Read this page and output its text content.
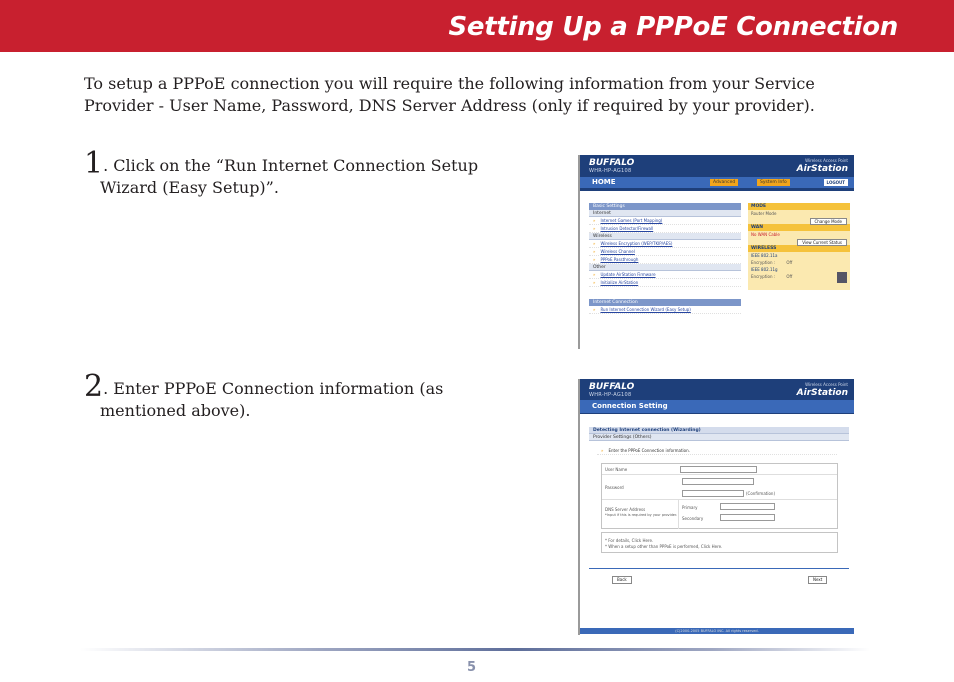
Setting Up a PPPoE Connection

To setup a PPPoE connection you will require the following information from your Service Provider - User Name, Password, DNS Server Address (only if required by your provider).

1. Click on the “Run Internet Connection Setup
Wizard (Easy Setup)”.
2. Enter PPPoE Connection information (as
mentioned above).
BUFFALO
WHR-HP-AG108
Wireless Access Point
AirStation
HOME	Advanced	System Info	LOGOUT
Basic Settings
Internet
» Internet Games (Port Mapping)
» Intrusion Detector/Firewall
Wireless
» Wireless Encryption (WEP/TKIP/AES)
» Wireless Channel
» PPPoE Passthrough
Other
» Update AirStation Firmware
» Initialize AirStation
Internet Connection
» Run Internet Connection Wizard (Easy Setup)
MODE
Router Mode
Change Mode
WAN
No WAN Cable
View Current Status
WIRELESS
IEEE 802.11a
Encryption :	Off
IEEE 802.11g
Encryption :	Off
BUFFALO
WHR-HP-AG108
Wireless Access Point
AirStation
Connection Setting
Detecting Internet connection (Wizarding)
Provider Settings (Others)
» Enter the PPPoE Connection information.
User Name
Password
(Confirmation)
DNS Server Address
*Input if this is required by your provider.
Primary
Secondary
* For details, Click Here.
* When a setup other than PPPoE is performed, Click Here.
Back	Next
(C)2000-2005 BUFFALO INC. All rights reserved.
5
